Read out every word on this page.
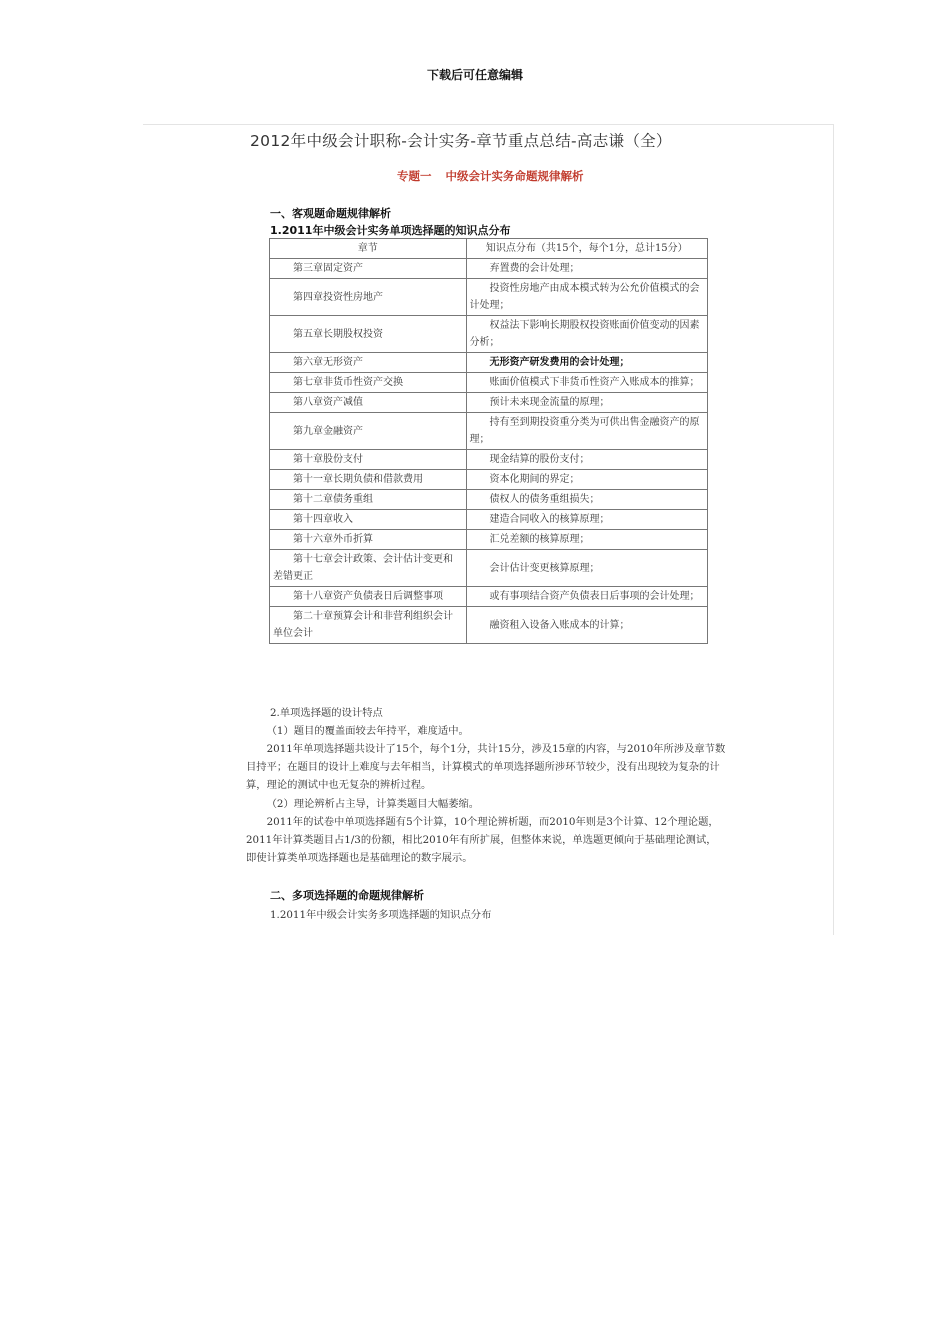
下载后可任意编辑
2012年中级会计职称-会计实务-章节重点总结-高志谦（全）
专题一 中级会计实务命题规律解析
一、客观题命题规律解析
1.2011年中级会计实务单项选择题的知识点分布
章节	知识点分布（共15个，每个1分，总计15分）
第三章固定资产	弃置费的会计处理；
第四章投资性房地产	投资性房地产由成本模式转为公允价值模式的会计处理；
第五章长期股权投资	权益法下影响长期股权投资账面价值变动的因素分析；
第六章无形资产	无形资产研发费用的会计处理；
第七章非货币性资产交换	账面价值模式下非货币性资产入账成本的推算；
第八章资产减值	预计未来现金流量的原理；
第九章金融资产	持有至到期投资重分类为可供出售金融资产的原理；
第十章股份支付	现金结算的股份支付；
第十一章长期负债和借款费用	资本化期间的界定；
第十二章债务重组	债权人的债务重组损失；
第十四章收入	建造合同收入的核算原理；
第十六章外币折算	汇兑差额的核算原理；
第十七章会计政策、会计估计变更和差错更正	会计估计变更核算原理；
第十八章资产负债表日后调整事项	或有事项结合资产负债表日后事项的会计处理；
第二十章预算会计和非营利组织会计单位会计	融资租入设备入账成本的计算；
2.单项选择题的设计特点
（1）题目的覆盖面较去年持平，难度适中。
2011年单项选择题共设计了15个，每个1分，共计15分，涉及15章的内容，与2010年所涉及章节数目持平；在题目的设计上难度与去年相当，计算模式的单项选择题所涉环节较少，没有出现较为复杂的计算，理论的测试中也无复杂的辨析过程。
（2）理论辨析占主导，计算类题目大幅萎缩。
2011年的试卷中单项选择题有5个计算，10个理论辨析题，而2010年则是3个计算、12个理论题，2011年计算类题目占1/3的份额，相比2010年有所扩展，但整体来说，单选题更倾向于基础理论测试，即使计算类单项选择题也是基础理论的数字展示。
二、多项选择题的命题规律解析
1.2011年中级会计实务多项选择题的知识点分布
